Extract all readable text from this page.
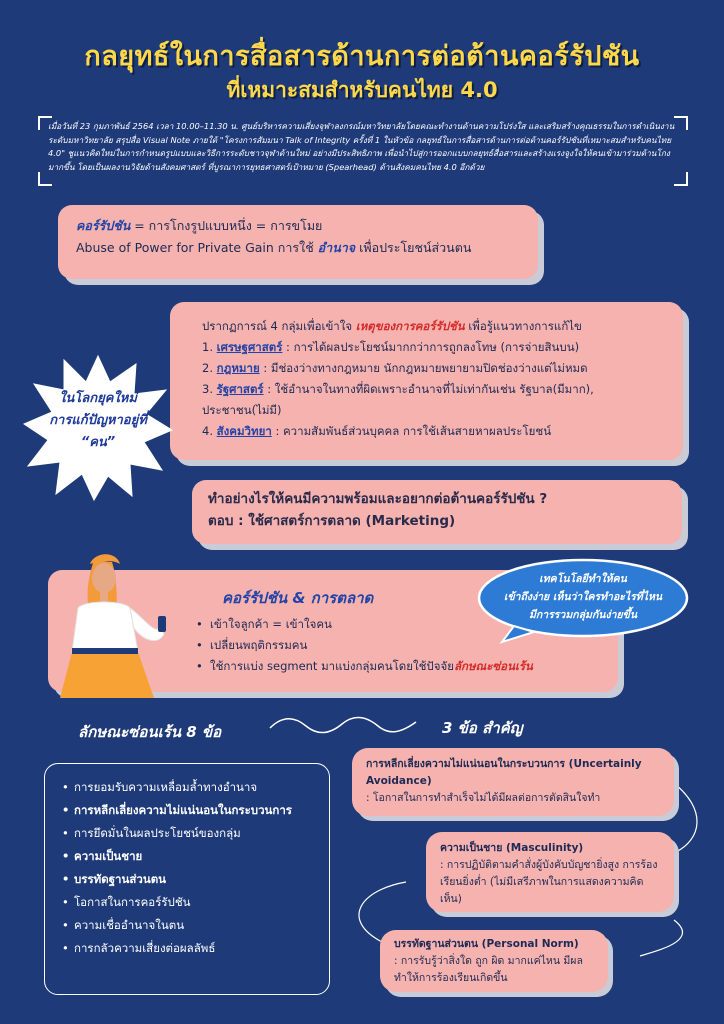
กลยุทธ์ในการสื่อสารด้านการต่อต้านคอร์รัปชัน
ที่เหมาะสมสำหรับคนไทย 4.0
เมื่อวันที่ 23 กุมภาพันธ์ 2564 เวลา 10.00–11.30 น. ศูนย์บริหารความเสี่ยงจุฬาลงกรณ์มหาวิทยาลัยโดยคณะทำงานด้านความโปร่งใส และเสริมสร้างคุณธรรมในการดำเนินงานระดับมหาวิทยาลัย สรุปสื่อ Visual Note ภายใต้ "โครงการสัมมนา Talk of Integrity ครั้งที่ 1 ในหัวข้อ กลยุทธ์ในการสื่อสารด้านการต่อต้านคอร์รัปชันที่เหมาะสมสำหรับคนไทย 4.0" ชูแนวคิดใหม่ในการกำหนดรูปแบบและวิธีการระดับชาวจุฬาด้านใหม่ อย่างมีประสิทธิภาพ เพื่อนำไปสู่การออกแบบกลยุทธ์สื่อสารและสร้างแรงจูงใจให้คนเข้ามาร่วมต้านโกงมากขึ้น โดยเป็นผลงานวิจัยด้านสังคมศาสตร์ ที่บูรณาการยุทธศาสตร์เป้าหมาย (Spearhead) ด้านสังคมคนไทย 4.0 อีกด้วย
คอร์รัปชัน = การโกงรูปแบบหนึ่ง = การขโมย
Abuse of Power for Private Gain การใช้ อำนาจ เพื่อประโยชน์ส่วนตน
ปรากฏการณ์ 4 กลุ่มเพื่อเข้าใจ เหตุของการคอร์รัปชัน เพื่อรู้แนวทางการแก้ไข
1. เศรษฐศาสตร์ : การได้ผลประโยชน์มากกว่าการถูกลงโทษ (การจ่ายสินบน)
2. กฎหมาย : มีช่องว่างทางกฎหมาย นักกฎหมายพยายามปิดช่องว่างแต่ไม่หมด
3. รัฐศาสตร์ : ใช้อำนาจในทางที่ผิดเพราะอำนาจที่ไม่เท่ากันเช่น รัฐบาล(มีมาก), ประชาชน(ไม่มี)
4. สังคมวิทยา : ความสัมพันธ์ส่วนบุคคล การใช้เส้นสายหาผลประโยชน์
ในโลกยุคใหม่
การแก้ปัญหาอยู่ที่
“คน”
ทำอย่างไรให้คนมีความพร้อมและอยากต่อต้านคอร์รัปชัน ?
ตอบ : ใช้ศาสตร์การตลาด (Marketing)
คอร์รัปชัน & การตลาด
• เข้าใจลูกค้า = เข้าใจคน
• เปลี่ยนพฤติกรรมคน
• ใช้การแบ่ง segment มาแบ่งกลุ่มคนโดยใช้ปัจจัยลักษณะซ่อนเร้น
เทคโนโลยีทำให้คน
เข้าถึงง่าย เห็นว่าใครทำอะไรที่ไหน
มีการรวมกลุ่มกันง่ายขึ้น
ลักษณะซ่อนเร้น 8 ข้อ	3 ข้อ สำคัญ
• การยอมรับความเหลื่อมล้ำทางอำนาจ
• การหลีกเลี่ยงความไม่แน่นอนในกระบวนการ
• การยึดมั่นในผลประโยชน์ของกลุ่ม
• ความเป็นชาย
• บรรทัดฐานส่วนตน
• โอกาสในการคอร์รัปชัน
• ความเชื่ออำนาจในตน
• การกลัวความเสี่ยงต่อผลลัพธ์
การหลีกเลี่ยงความไม่แน่นอนในกระบวนการ (Uncertainly Avoidance)
: โอกาสในการทำสำเร็จไม่ได้มีผลต่อการตัดสินใจทำ
ความเป็นชาย (Masculinity)
: การปฏิบัติตามคำสั่งผู้บังคับบัญชายิ่งสูง การร้องเรียนยิ่งต่ำ (ไม่มีเสรีภาพในการแสดงความคิดเห็น)
บรรทัดฐานส่วนตน (Personal Norm)
: การรับรู้ว่าสิ่งใด ถูก ผิด มากแค่ไหน มีผลทำให้การร้องเรียนเกิดขึ้น
